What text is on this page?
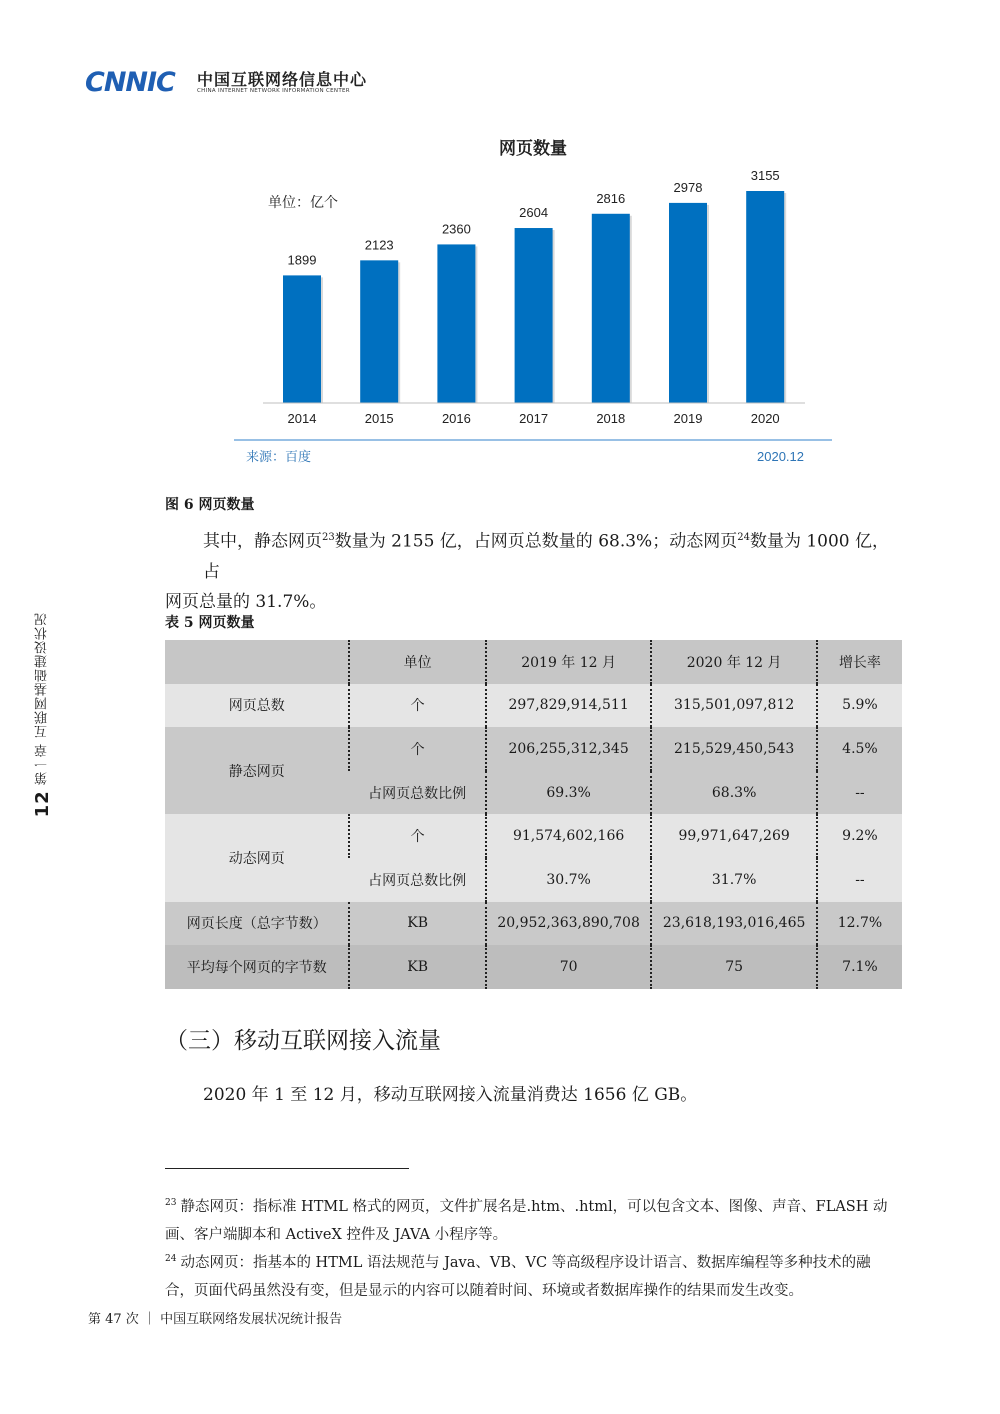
CNNIC 中国互联网络信息中心
CHINA INTERNET NETWORK INFORMATION CENTER
12 第一章 互联网基础建设状况
网页数量
单位：亿个
1899
2123
2360
2604
2816
2978
3155
2014	2015	2016	2017	2018	2019	2020
来源：百度	2020.12
图 6 网页数量
其中，静态网页$^{23}$数量为 2155 亿，占网页总数量的 68.3%；动态网页$^{24}$数量为 1000 亿，占
网页总量的 31.7%。
表 5 网页数量
	单位	2019 年 12 月	2020 年 12 月	增长率
网页总数	个	297,829,914,511	315,501,097,812	5.9%
静态网页	个	206,255,312,345	215,529,450,543	4.5%
	占网页总数比例	69.3%	68.3%	--
动态网页	个	91,574,602,166	99,971,647,269	9.2%
	占网页总数比例	30.7%	31.7%	--
网页长度（总字节数）	KB	20,952,363,890,708	23,618,193,016,465	12.7%
平均每个网页的字节数	KB	70	75	7.1%
（三）移动互联网接入流量
2020 年 1 至 12 月，移动互联网接入流量消费达 1656 亿 GB。
$^{23}$ 静态网页：指标准 HTML 格式的网页，文件扩展名是.htm、.html，可以包含文本、图像、声音、FLASH 动
画、客户端脚本和 ActiveX 控件及 JAVA 小程序等。
$^{24}$ 动态网页：指基本的 HTML 语法规范与 Java、VB、VC 等高级程序设计语言、数据库编程等多种技术的融
合，页面代码虽然没有变，但是显示的内容可以随着时间、环境或者数据库操作的结果而发生改变。
第 47 次 ｜ 中国互联网络发展状况统计报告
